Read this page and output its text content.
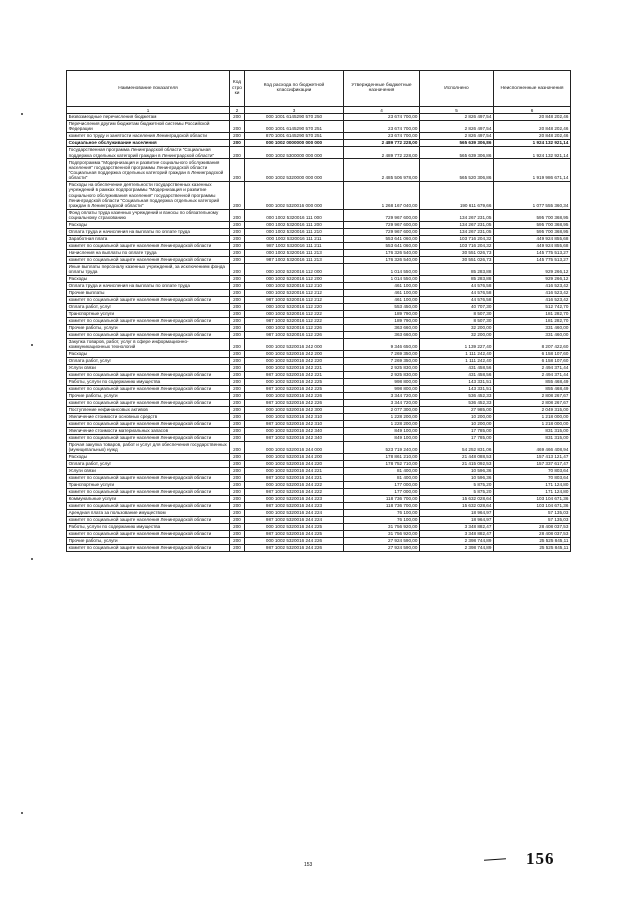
Наименование показателя	Код стро ки	Код расхода по бюджетной классификации	Утвержденные бюджетные назначения	Исполнено	Неисполненные назначения
1	2	3	4	5	6
Безвозмездные перечисления бюджетам	200	000 1001 6145290 570 250	23 674 700,00	2 826 497,54	20 848 202,46
Перечисления другим бюджетам бюджетной системы Российской Федерации	200	000 1001 6145290 570 251	23 674 700,00	2 826 497,54	20 848 202,46
комитет по труду и занятости населения Ленинградской области	200	870 1001 6145290 570 251	23 674 700,00	2 826 497,54	20 848 202,46
Социальное обслуживание населения	200	000 1002 0000000 000 000	2 489 772 228,00	565 639 306,86	1 924 132 921,14
Государственная программа Ленинградской области "Социальная поддержка отдельных категорий граждан в Ленинградской области"	200	000 1002 5300000 000 000	2 489 772 228,00	565 639 306,86	1 924 132 921,14
Подпрограмма "Модернизация и развитие социального обслуживания населения" государственной программы Ленинградской области "Социальная поддержка отдельных категорий граждан в Ленинградской области"	200	000 1002 5320000 000 000	2 485 506 978,00	565 520 306,86	1 919 986 671,14
Расходы на обеспечение деятельности государственных казенных учреждений в рамках подпрограммы "Модернизация и развитие социального обслуживания населения" государственной программы Ленинградской области "Социальная поддержка отдельных категорий граждан в Ленинградской области"	200	000 1002 5320016 000 000	1 268 167 040,00	190 611 679,66	1 077 555 360,34
Фонд оплаты труда казенных учреждений и взносы по обязательному социальному страхованию	200	000 1002 5320016 111 000	729 967 600,00	134 267 231,05	595 700 368,95
Расходы	200	000 1002 5320016 111 200	729 967 600,00	134 267 231,05	595 700 368,95
Оплата труда и начисления на выплаты по оплате труда	200	000 1002 5320016 111 210	729 967 600,00	134 267 231,05	595 700 368,95
Заработная плата	200	000 1002 5320016 111 211	553 641 060,00	103 716 204,32	449 924 855,68
комитет по социальной защите населения Ленинградской области	200	987 1002 5320016 111 211	553 641 060,00	103 716 204,32	449 924 855,68
Начисления на выплаты по оплате труда	200	000 1002 5320016 111 213	176 326 540,00	30 551 026,73	145 775 513,27
комитет по социальной защите населения Ленинградской области	200	987 1002 5320016 111 213	176 326 540,00	30 551 026,73	145 775 513,27
Иные выплаты персоналу казенных учреждений, за исключением фонда оплаты труда	200	000 1002 5320016 112 000	1 014 550,00	85 283,88	929 266,12
Расходы	200	000 1002 5320016 112 200	1 014 550,00	85 283,88	929 266,12
Оплата труда и начисления на выплаты по оплате труда	200	000 1002 5320016 112 210	461 100,00	44 576,58	416 523,42
Прочие выплаты	200	000 1002 5320016 112 212	461 100,00	44 576,58	416 523,42
комитет по социальной защите населения Ленинградской области	200	987 1002 5320016 112 212	461 100,00	44 576,58	416 523,42
Оплата работ, услуг	200	000 1002 5320016 112 220	553 450,00	40 707,30	512 742,70
Транспортные услуги	200	000 1002 5320016 112 222	189 790,00	8 507,30	181 282,70
комитет по социальной защите населения Ленинградской области	200	987 1002 5320016 112 222	189 790,00	8 507,30	181 282,70
Прочие работы, услуги	200	000 1002 5320016 112 226	363 660,00	32 200,00	331 460,00
комитет по социальной защите населения Ленинградской области	200	987 1002 5320016 112 226	363 660,00	32 200,00	331 460,00
Закупка товаров, работ, услуг в сфере информационно-коммуникационных технологий	200	000 1002 5320016 242 000	9 346 650,00	1 139 227,40	8 207 422,60
Расходы	200	000 1002 5320016 242 200	7 269 350,00	1 111 242,40	6 158 107,60
Оплата работ, услуг	200	000 1002 5320016 242 220	7 269 350,00	1 111 242,40	6 158 107,60
Услуги связи	200	000 1002 5320016 242 221	2 925 830,00	431 458,56	2 494 371,44
комитет по социальной защите населения Ленинградской области	200	987 1002 5320016 242 221	2 925 830,00	431 458,56	2 494 371,44
Работы, услуги по содержанию имущества	200	000 1002 5320016 242 225	998 800,00	143 331,51	855 468,49
комитет по социальной защите населения Ленинградской области	200	987 1002 5320016 242 225	998 800,00	143 331,51	855 468,49
Прочие работы, услуги	200	000 1002 5320016 242 226	3 344 720,00	536 452,33	2 808 267,67
комитет по социальной защите населения Ленинградской области	200	987 1002 5320016 242 226	3 344 720,00	536 452,33	2 808 267,67
Поступление нефинансовых активов	200	000 1002 5320016 242 300	2 077 300,00	27 985,00	2 049 315,00
Увеличение стоимости основных средств	200	000 1002 5320016 242 310	1 228 200,00	10 200,00	1 218 000,00
комитет по социальной защите населения Ленинградской области	200	987 1002 5320016 242 310	1 228 200,00	10 200,00	1 218 000,00
Увеличение стоимости материальных запасов	200	000 1002 5320016 242 340	849 100,00	17 785,00	831 315,00
комитет по социальной защите населения Ленинградской области	200	987 1002 5320016 242 340	849 100,00	17 785,00	831 315,00
Прочая закупка товаров, работ и услуг для обеспечения государственных (муниципальных) нужд	200	000 1002 5320016 244 000	523 719 240,00	54 252 831,06	469 466 408,94
Расходы	200	000 1002 5320016 244 200	178 861 210,00	21 448 088,53	157 413 121,47
Оплата работ, услуг	200	000 1002 5320016 244 220	178 752 710,00	21 415 092,53	157 337 617,47
Услуги связи	200	000 1002 5320016 244 221	81 400,00	10 596,36	70 803,64
комитет по социальной защите населения Ленинградской области	200	987 1002 5320016 244 221	81 400,00	10 596,36	70 803,64
Транспортные услуги	200	000 1002 5320016 244 222	177 000,00	5 875,20	171 124,80
комитет по социальной защите населения Ленинградской области	200	987 1002 5320016 244 222	177 000,00	5 875,20	171 124,80
Коммунальные услуги	200	000 1002 5320016 244 223	118 736 700,00	15 632 028,64	103 104 671,36
комитет по социальной защите населения Ленинградской области	200	987 1002 5320016 244 223	118 736 700,00	15 632 028,64	103 104 671,36
Арендная плата за пользование имуществом	200	000 1002 5320016 244 224	76 100,00	18 964,97	57 135,03
комитет по социальной защите населения Ленинградской области	200	987 1002 5320016 244 224	76 100,00	18 964,97	57 135,03
Работы, услуги по содержанию имущества	200	000 1002 5320016 244 225	31 756 920,00	3 348 882,47	28 408 037,53
комитет по социальной защите населения Ленинградской области	200	987 1002 5320016 244 225	31 756 920,00	3 348 882,47	28 408 037,53
Прочие работы, услуги	200	000 1002 5320016 244 226	27 924 590,00	2 398 744,89	25 525 845,11
комитет по социальной защите населения Ленинградской области	200	987 1002 5320016 244 226	27 924 590,00	2 398 744,89	25 525 845,11
153	156
